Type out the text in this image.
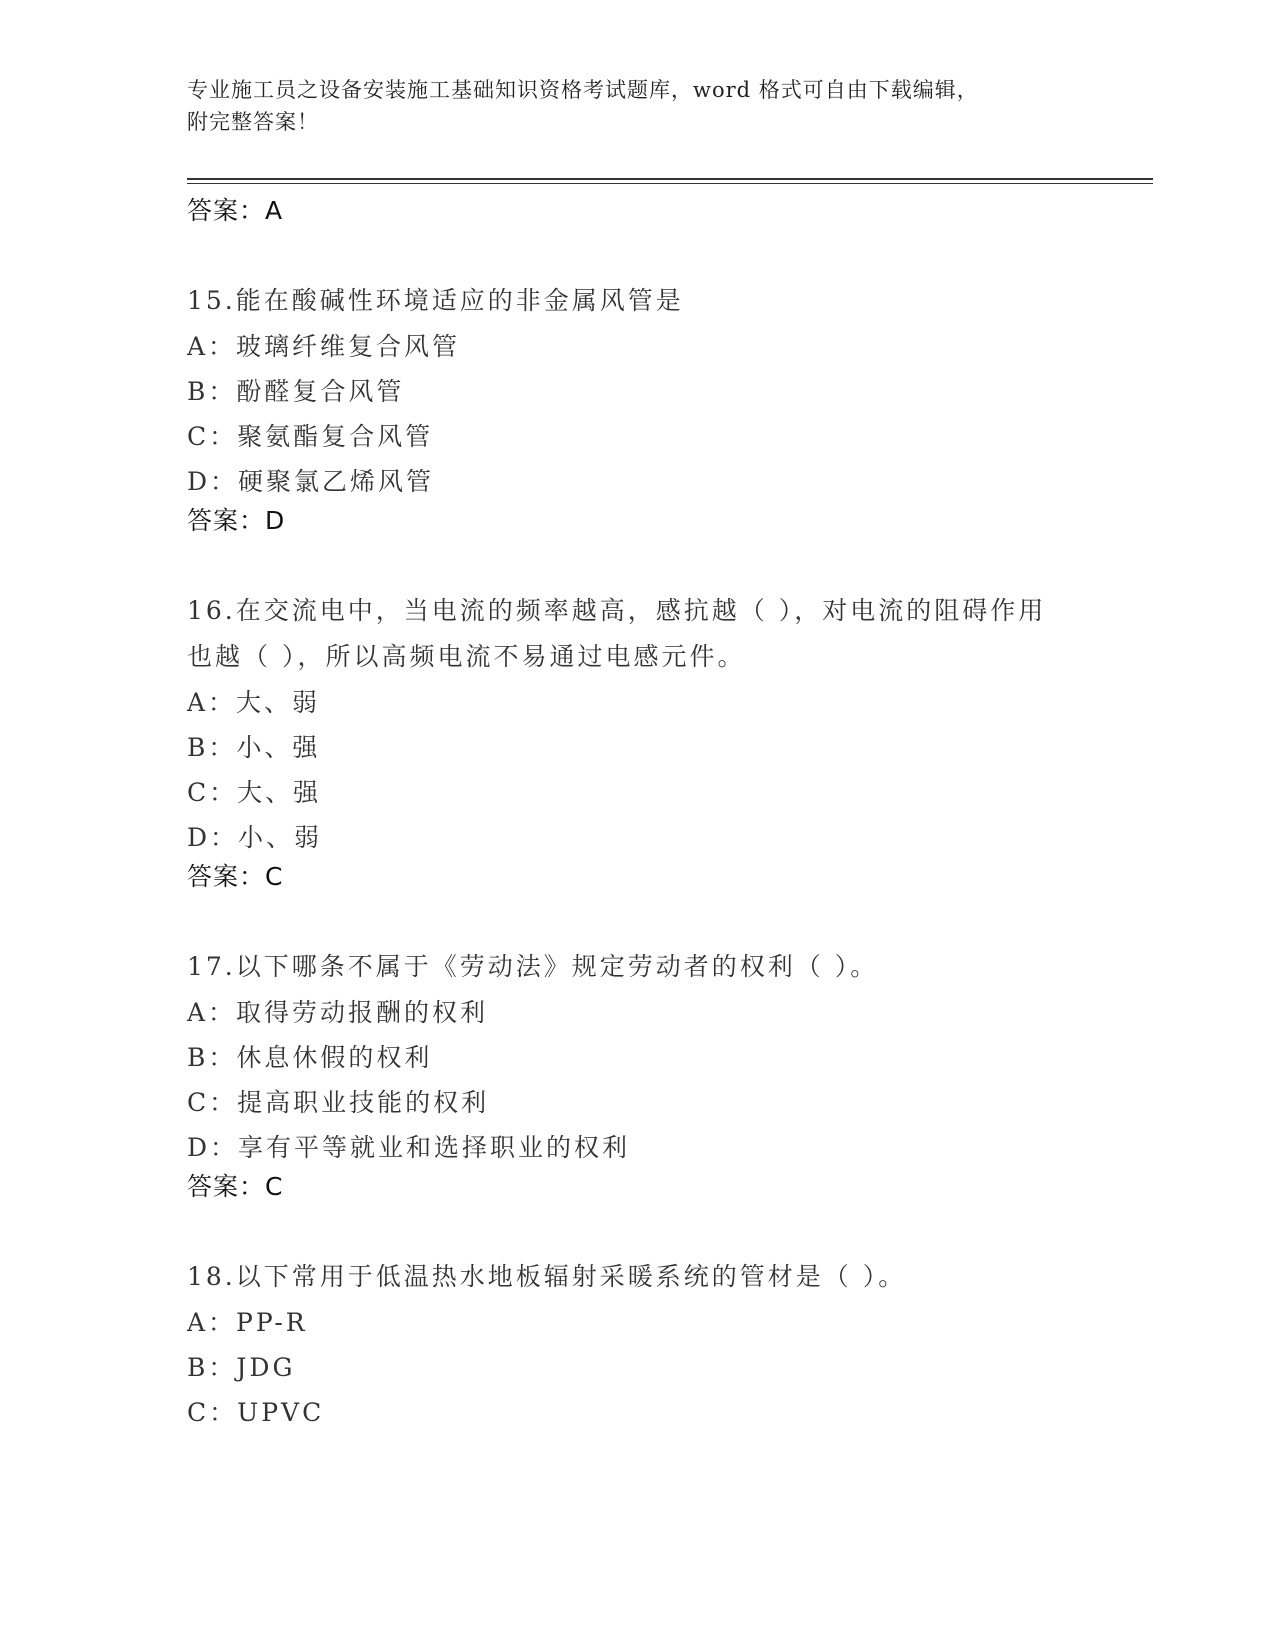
专业施工员之设备安装施工基础知识资格考试题库，word 格式可自由下载编辑，
附完整答案！
答案：A
15.能在酸碱性环境适应的非金属风管是
A：玻璃纤维复合风管
B：酚醛复合风管
C：聚氨酯复合风管
D：硬聚氯乙烯风管
答案：D
16.在交流电中，当电流的频率越高，感抗越（ ），对电流的阻碍作用也越（ ），所以高频电流不易通过电感元件。
A：大、弱
B：小、强
C：大、强
D：小、弱
答案：C
17.以下哪条不属于《劳动法》规定劳动者的权利（ ）。
A：取得劳动报酬的权利
B：休息休假的权利
C：提高职业技能的权利
D：享有平等就业和选择职业的权利
答案：C
18.以下常用于低温热水地板辐射采暖系统的管材是（ ）。
A：PP-R
B：JDG
C：UPVC
